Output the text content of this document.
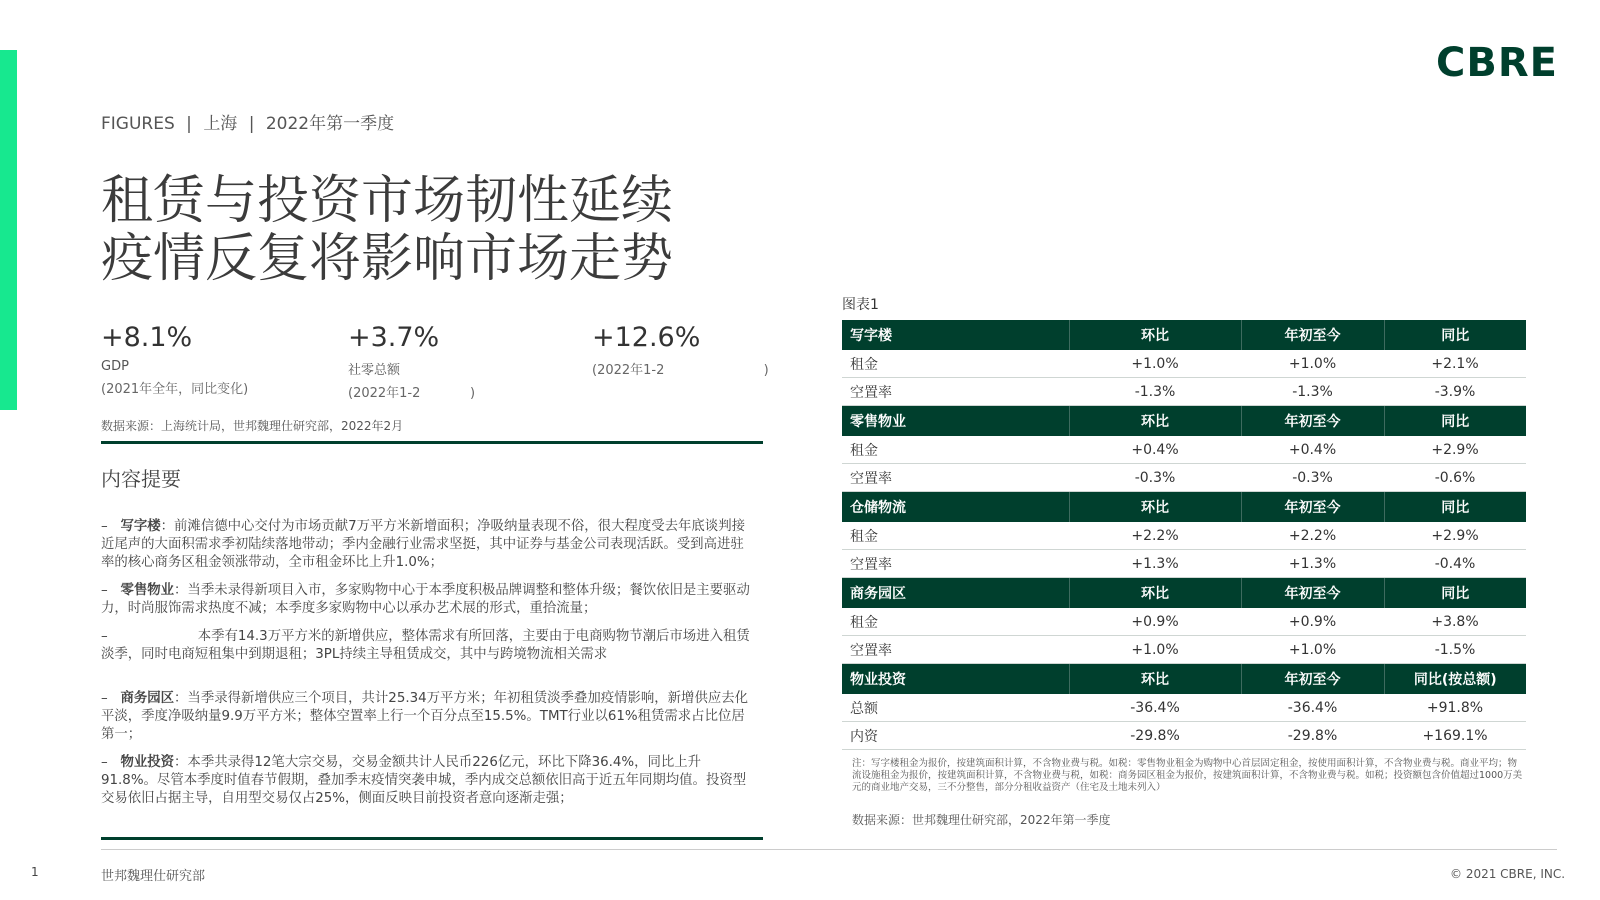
CBRE
FIGURES | 上海 | 2022年第一季度
租赁与投资市场韧性延续
疫情反复将影响市场走势
+8.1%
GDP
(2021年全年，同比变化)
+3.7%
社零总额
(2022年1-2            )
+12.6%
(2022年1-2                        )
数据来源：上海统计局，世邦魏理仕研究部，2022年2月
内容提要
– 写字楼：前滩信德中心交付为市场贡献7万平方米新增面积；净吸纳量表现不俗，很大程度受去年底谈判接近尾声的大面积需求季初陆续落地带动；季内金融行业需求坚挺，其中证券与基金公司表现活跃。受到高进驻率的核心商务区租金领涨带动，全市租金环比上升1.0%；
– 零售物业：当季未录得新项目入市，多家购物中心于本季度积极品牌调整和整体升级；餐饮依旧是主要驱动力，时尚服饰需求热度不减；本季度多家购物中心以承办艺术展的形式，重拾流量；
–	本季有14.3万平方米的新增供应，整体需求有所回落，主要由于电商购物节潮后市场进入租赁淡季，同时电商短租集中到期退租；3PL持续主导租赁成交，其中与跨境物流相关需求
– 商务园区：当季录得新增供应三个项目，共计25.34万平方米；年初租赁淡季叠加疫情影响，新增供应去化平淡，季度净吸纳量9.9万平方米；整体空置率上行一个百分点至15.5%。TMT行业以61%租赁需求占比位居第一；
– 物业投资：本季共录得12笔大宗交易，交易金额共计人民币226亿元，环比下降36.4%，同比上升91.8%。尽管本季度时值春节假期，叠加季末疫情突袭申城，季内成交总额依旧高于近五年同期均值。投资型交易依旧占据主导，自用型交易仅占25%，侧面反映目前投资者意向逐渐走强；
图表1
写字楼	环比	年初至今	同比
租金	+1.0%	+1.0%	+2.1%
空置率	-1.3%	-1.3%	-3.9%
零售物业	环比	年初至今	同比
租金	+0.4%	+0.4%	+2.9%
空置率	-0.3%	-0.3%	-0.6%
仓储物流	环比	年初至今	同比
租金	+2.2%	+2.2%	+2.9%
空置率	+1.3%	+1.3%	-0.4%
商务园区	环比	年初至今	同比
租金	+0.9%	+0.9%	+3.8%
空置率	+1.0%	+1.0%	-1.5%
物业投资	环比	年初至今	同比(按总额)
总额	-36.4%	-36.4%	+91.8%
内资	-29.8%	-29.8%	+169.1%
注：写字楼租金为报价，按建筑面积计算，不含物业费与税。如税：零售物业租金为购物中心首层固定租金，按使用面积计算，不含物业费与税。商业平均；物流设施租金为报价，按建筑面积计算，不含物业费与税，如税：商务园区租金为报价，按建筑面积计算，不含物业费与税。如税；投资额包含价值超过1000万美元的商业地产交易，三不分整售，部分分租收益资产（住宅及土地未列入）
数据来源：世邦魏理仕研究部，2022年第一季度
1	世邦魏理仕研究部	© 2021 CBRE, INC.
